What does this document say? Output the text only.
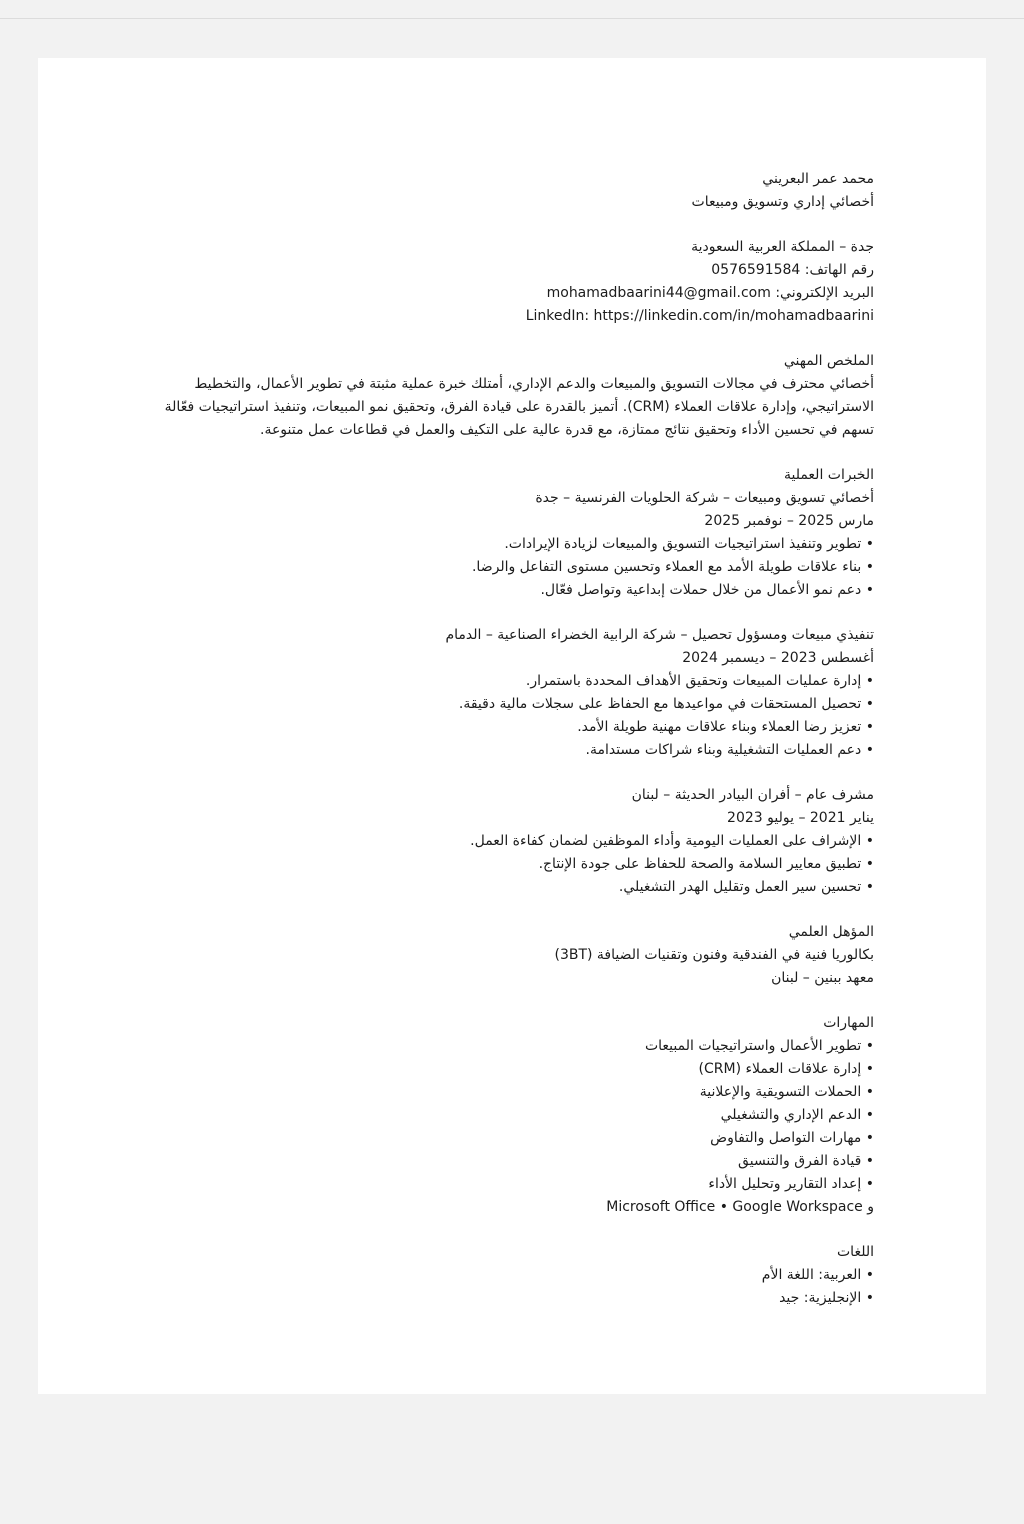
محمد عمر البعريني
أخصائي إداري وتسويق ومبيعات
جدة – المملكة العربية السعودية
رقم الهاتف: 0576591584
البريد الإلكتروني: mohamadbaarini44@gmail.com
LinkedIn: https://linkedin.com/in/mohamadbaarini
الملخص المهني
أخصائي محترف في مجالات التسويق والمبيعات والدعم الإداري، أمتلك خبرة عملية مثبتة في تطوير الأعمال، والتخطيط الاستراتيجي، وإدارة علاقات العملاء (CRM). أتميز بالقدرة على قيادة الفرق، وتحقيق نمو المبيعات، وتنفيذ استراتيجيات فعّالة تسهم في تحسين الأداء وتحقيق نتائج ممتازة، مع قدرة عالية على التكيف والعمل في قطاعات عمل متنوعة.
الخبرات العملية
أخصائي تسويق ومبيعات – شركة الحلويات الفرنسية – جدة
مارس 2025 – نوفمبر 2025
• تطوير وتنفيذ استراتيجيات التسويق والمبيعات لزيادة الإيرادات.
• بناء علاقات طويلة الأمد مع العملاء وتحسين مستوى التفاعل والرضا.
• دعم نمو الأعمال من خلال حملات إبداعية وتواصل فعّال.
تنفيذي مبيعات ومسؤول تحصيل – شركة الرابية الخضراء الصناعية – الدمام
أغسطس 2023 – ديسمبر 2024
• إدارة عمليات المبيعات وتحقيق الأهداف المحددة باستمرار.
• تحصيل المستحقات في مواعيدها مع الحفاظ على سجلات مالية دقيقة.
• تعزيز رضا العملاء وبناء علاقات مهنية طويلة الأمد.
• دعم العمليات التشغيلية وبناء شراكات مستدامة.
مشرف عام – أفران البيادر الحديثة – لبنان
يناير 2021 – يوليو 2023
• الإشراف على العمليات اليومية وأداء الموظفين لضمان كفاءة العمل.
• تطبيق معايير السلامة والصحة للحفاظ على جودة الإنتاج.
• تحسين سير العمل وتقليل الهدر التشغيلي.
المؤهل العلمي
بكالوريا فنية في الفندقية وفنون وتقنيات الضيافة (3BT)
معهد ببنين – لبنان
المهارات
• تطوير الأعمال واستراتيجيات المبيعات
• إدارة علاقات العملاء (CRM)
• الحملات التسويقية والإعلانية
• الدعم الإداري والتشغيلي
• مهارات التواصل والتفاوض
• قيادة الفرق والتنسيق
• إعداد التقارير وتحليل الأداء
Microsoft Office • Google Workspace و
اللغات
• العربية: اللغة الأم
• الإنجليزية: جيد
